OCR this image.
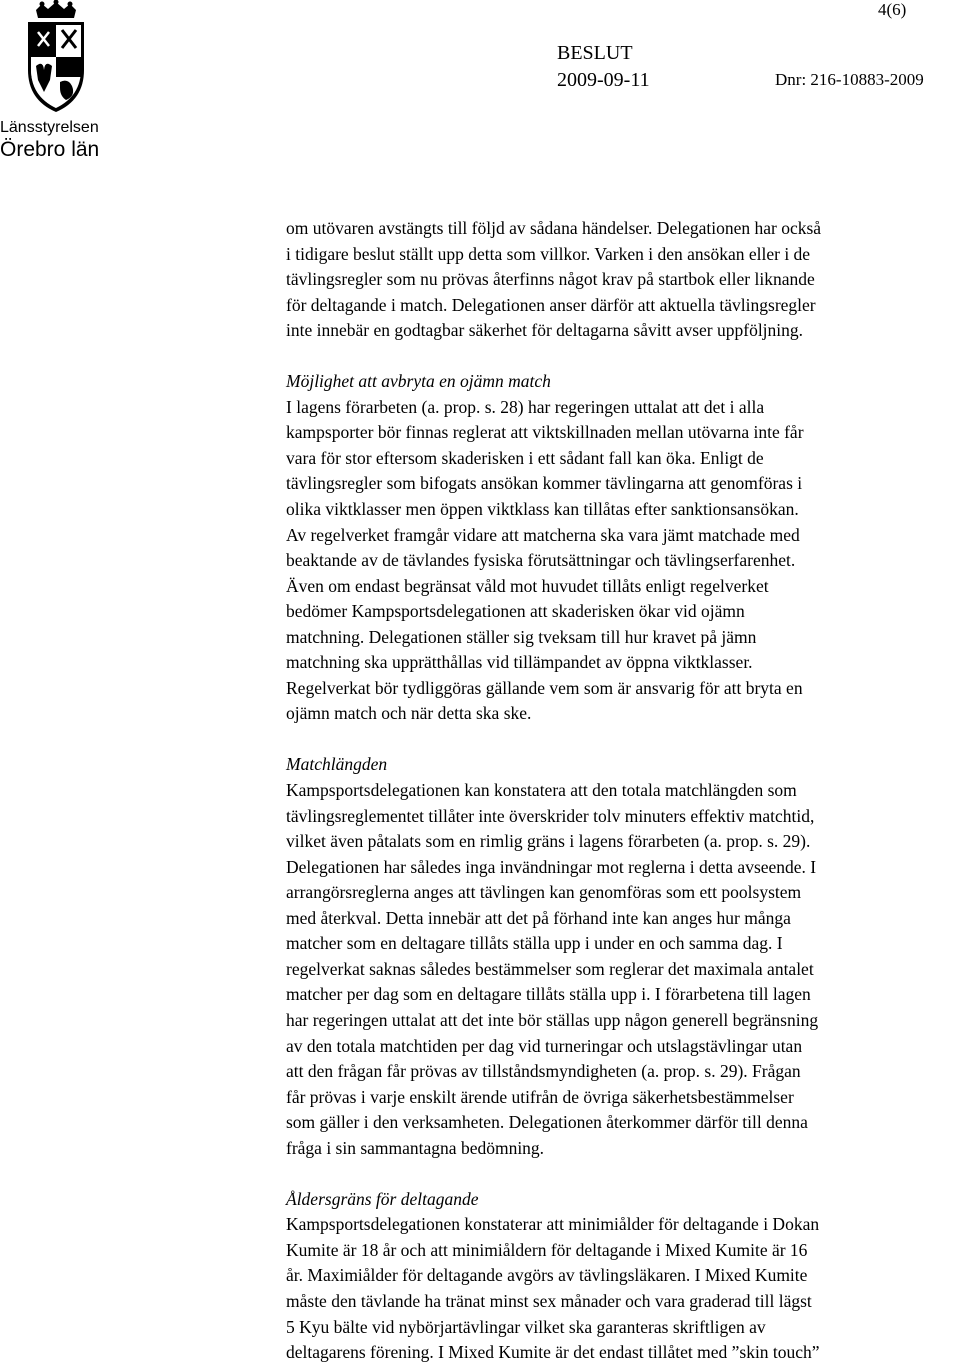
Länsstyrelsen
Örebro län
4(6)
BESLUT
2009-09-11	Dnr: 216-10883-2009
om utövaren avstängts till följd av sådana händelser. Delegationen har också
i tidigare beslut ställt upp detta som villkor. Varken i den ansökan eller i de
tävlingsregler som nu prövas återfinns något krav på startbok eller liknande
för deltagande i match. Delegationen anser därför att aktuella tävlingsregler
inte innebär en godtagbar säkerhet för deltagarna såvitt avser uppföljning.
Möjlighet att avbryta en ojämn match
I lagens förarbeten (a. prop. s. 28) har regeringen uttalat att det i alla
kampsporter bör finnas reglerat att viktskillnaden mellan utövarna inte får
vara för stor eftersom skaderisken i ett sådant fall kan öka. Enligt de
tävlingsregler som bifogats ansökan kommer tävlingarna att genomföras i
olika viktklasser men öppen viktklass kan tillåtas efter sanktionsansökan.
Av regelverket framgår vidare att matcherna ska vara jämt matchade med
beaktande av de tävlandes fysiska förutsättningar och tävlingserfarenhet.
Även om endast begränsat våld mot huvudet tillåts enligt regelverket
bedömer Kampsportsdelegationen att skaderisken ökar vid ojämn
matchning. Delegationen ställer sig tveksam till hur kravet på jämn
matchning ska upprätthållas vid tillämpandet av öppna viktklasser.
Regelverkat bör tydliggöras gällande vem som är ansvarig för att bryta en
ojämn match och när detta ska ske.
Matchlängden
Kampsportsdelegationen kan konstatera att den totala matchlängden som
tävlingsreglementet tillåter inte överskrider tolv minuters effektiv matchtid,
vilket även påtalats som en rimlig gräns i lagens förarbeten (a. prop. s. 29).
Delegationen har således inga invändningar mot reglerna i detta avseende. I
arrangörsreglerna anges att tävlingen kan genomföras som ett poolsystem
med återkval. Detta innebär att det på förhand inte kan anges hur många
matcher som en deltagare tillåts ställa upp i under en och samma dag. I
regelverkat saknas således bestämmelser som reglerar det maximala antalet
matcher per dag som en deltagare tillåts ställa upp i. I förarbetena till lagen
har regeringen uttalat att det inte bör ställas upp någon generell begränsning
av den totala matchtiden per dag vid turneringar och utslagstävlingar utan
att den frågan får prövas av tillståndsmyndigheten (a. prop. s. 29). Frågan
får prövas i varje enskilt ärende utifrån de övriga säkerhetsbestämmelser
som gäller i den verksamheten. Delegationen återkommer därför till denna
fråga i sin sammantagna bedömning.
Åldersgräns för deltagande
Kampsportsdelegationen konstaterar att minimiålder för deltagande i Dokan
Kumite är 18 år och att minimiåldern för deltagande i Mixed Kumite är 16
år. Maximiålder för deltagande avgörs av tävlingsläkaren. I Mixed Kumite
måste den tävlande ha tränat minst sex månader och vara graderad till lägst
5 Kyu bälte vid nybörjartävlingar vilket ska garanteras skriftligen av
deltagarens förening. I Mixed Kumite är det endast tillåtet med ”skin touch”
